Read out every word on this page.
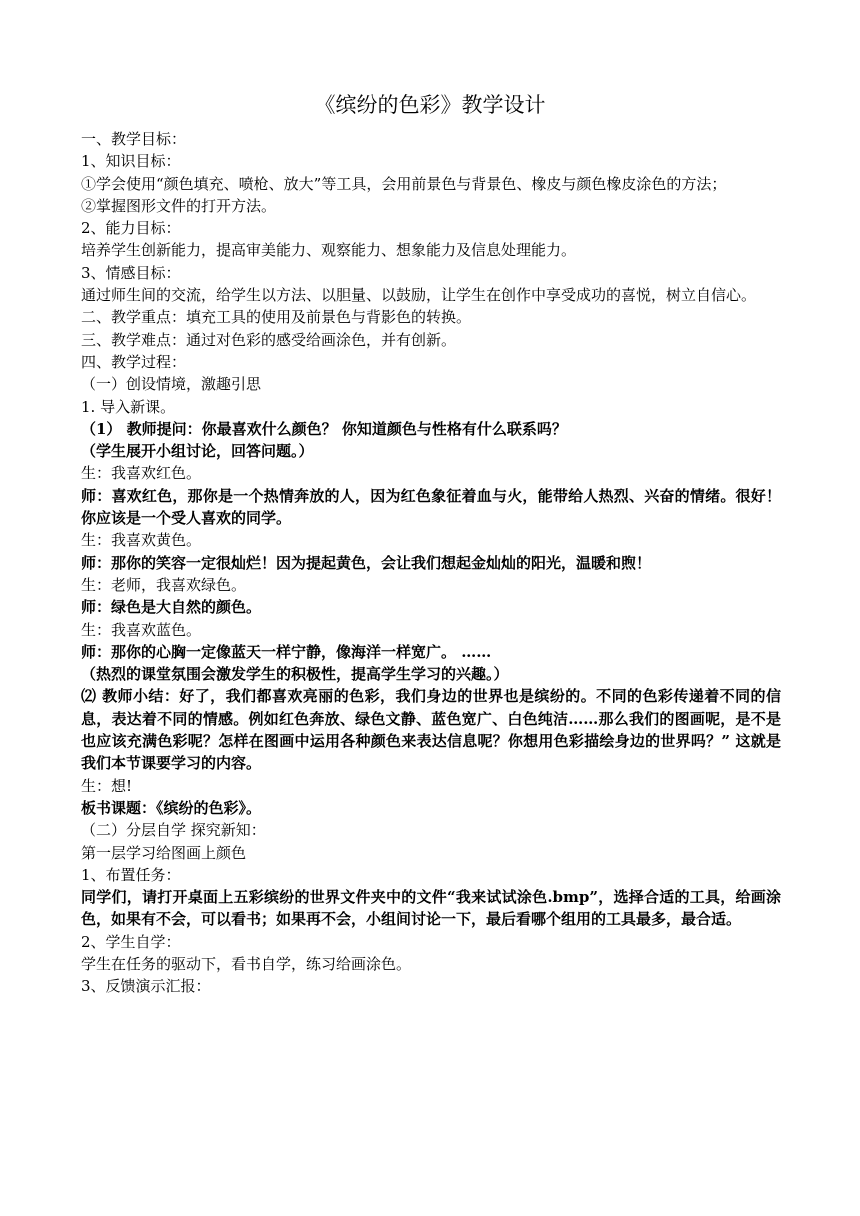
《缤纷的色彩》教学设计

一、教学目标：

1、知识目标：

①学会使用“颜色填充、喷枪、放大”等工具，会用前景色与背景色、橡皮与颜色橡皮涂色的方法；

②掌握图形文件的打开方法。

2、能力目标：

培养学生创新能力，提高审美能力、观察能力、想象能力及信息处理能力。

3、情感目标：

通过师生间的交流，给学生以方法、以胆量、以鼓励，让学生在创作中享受成功的喜悦，树立自信心。

二、教学重点：填充工具的使用及前景色与背影色的转换。

三、教学难点：通过对色彩的感受给画涂色，并有创新。

四、教学过程：

（一）创设情境，激趣引思

1. 导入新课。

（1） 教师提问：你最喜欢什么颜色？ 你知道颜色与性格有什么联系吗？

（学生展开小组讨论，回答问题。）

生：我喜欢红色。

师：喜欢红色，那你是一个热情奔放的人，因为红色象征着血与火，能带给人热烈、兴奋的情绪。很好！ 你应该是一个受人喜欢的同学。

生：我喜欢黄色。

师：那你的笑容一定很灿烂！因为提起黄色，会让我们想起金灿灿的阳光，温暖和煦！

生：老师，我喜欢绿色。

师：绿色是大自然的颜色。

生：我喜欢蓝色。

师：那你的心胸一定像蓝天一样宁静，像海洋一样宽广。 ……

（热烈的课堂氛围会激发学生的积极性，提高学生学习的兴趣。）

⑵ 教师小结：好了，我们都喜欢亮丽的色彩，我们身边的世界也是缤纷的。不同的色彩传递着不同的信息，表达着不同的情感。例如红色奔放、绿色文静、蓝色宽广、白色纯洁……那么我们的图画呢，是不是也应该充满色彩呢？怎样在图画中运用各种颜色来表达信息呢？你想用色彩描绘身边的世界吗？” 这就是我们本节课要学习的内容。

生：想!

板书课题：《缤纷的色彩》。

（二）分层自学 探究新知：

第一层学习给图画上颜色

1、布置任务：

同学们，请打开桌面上五彩缤纷的世界文件夹中的文件“我来试试涂色.bmp”，选择合适的工具，给画涂色，如果有不会，可以看书；如果再不会，小组间讨论一下，最后看哪个组用的工具最多，最合适。

2、学生自学：

学生在任务的驱动下，看书自学，练习给画涂色。

3、反馈演示汇报：
